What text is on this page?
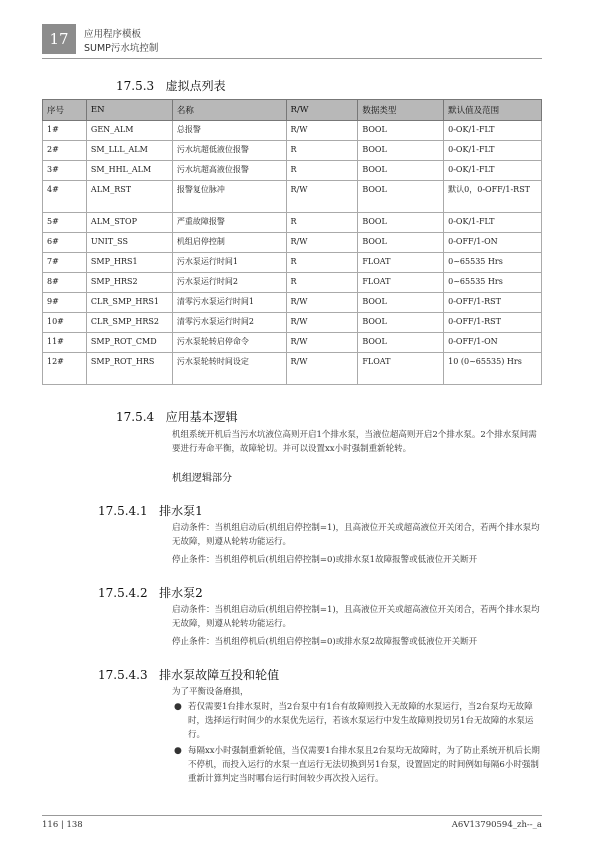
17 应用程序模板
SUMP污水坑控制
17.5.3 虚拟点列表
序号	EN	名称	R/W	数据类型	默认值及范围
1#	GEN_ALM	总报警	R/W	BOOL	0-OK/1-FLT
2#	SM_LLL_ALM	污水坑超低液位报警	R	BOOL	0-OK/1-FLT
3#	SM_HHL_ALM	污水坑超高液位报警	R	BOOL	0-OK/1-FLT
4#	ALM_RST	报警复位脉冲	R/W	BOOL	默认0，0-OFF/1-RST
5#	ALM_STOP	严重故障报警	R	BOOL	0-OK/1-FLT
6#	UNIT_SS	机组启停控制	R/W	BOOL	0-OFF/1-ON
7#	SMP_HRS1	污水泵运行时间1	R	FLOAT	0~65535 Hrs
8#	SMP_HRS2	污水泵运行时间2	R	FLOAT	0~65535 Hrs
9#	CLR_SMP_HRS1	清零污水泵运行时间1	R/W	BOOL	0-OFF/1-RST
10#	CLR_SMP_HRS2	清零污水泵运行时间2	R/W	BOOL	0-OFF/1-RST
11#	SMP_ROT_CMD	污水泵轮转启停命令	R/W	BOOL	0-OFF/1-ON
12#	SMP_ROT_HRS	污水泵轮转时间设定	R/W	FLOAT	10 (0~65535) Hrs
17.5.4 应用基本逻辑
机组系统开机后当污水坑液位高则开启1个排水泵，当液位超高则开启2个排水泵。2个排水泵间需要进行寿命平衡，故障轮切。并可以设置xx小时强制重新轮转。
机组逻辑部分
17.5.4.1 排水泵1
启动条件：当机组启动后(机组启停控制=1)，且高液位开关或超高液位开关闭合，若两个排水泵均无故障，则遵从轮转功能运行。
停止条件：当机组停机后(机组启停控制=0)或排水泵1故障报警或低液位开关断开
17.5.4.2 排水泵2
启动条件：当机组启动后(机组启停控制=1)，且高液位开关或超高液位开关闭合，若两个排水泵均无故障，则遵从轮转功能运行。
停止条件：当机组停机后(机组启停控制=0)或排水泵2故障报警或低液位开关断开
17.5.4.3 排水泵故障互投和轮值
为了平衡设备磨损，
● 若仅需要1台排水泵时，当2台泵中有1台有故障则投入无故障的水泵运行，当2台泵均无故障时，选择运行时间少的水泵优先运行，若该水泵运行中发生故障则投切另1台无故障的水泵运行。
● 每隔xx小时强制重新轮值，当仅需要1台排水泵且2台泵均无故障时，为了防止系统开机后长期不停机，而投入运行的水泵一直运行无法切换到另1台泵，设置固定的时间例如每隔6小时强制重新计算判定当时哪台运行时间较少再次投入运行。
116 | 138	A6V13790594_zh--_a
